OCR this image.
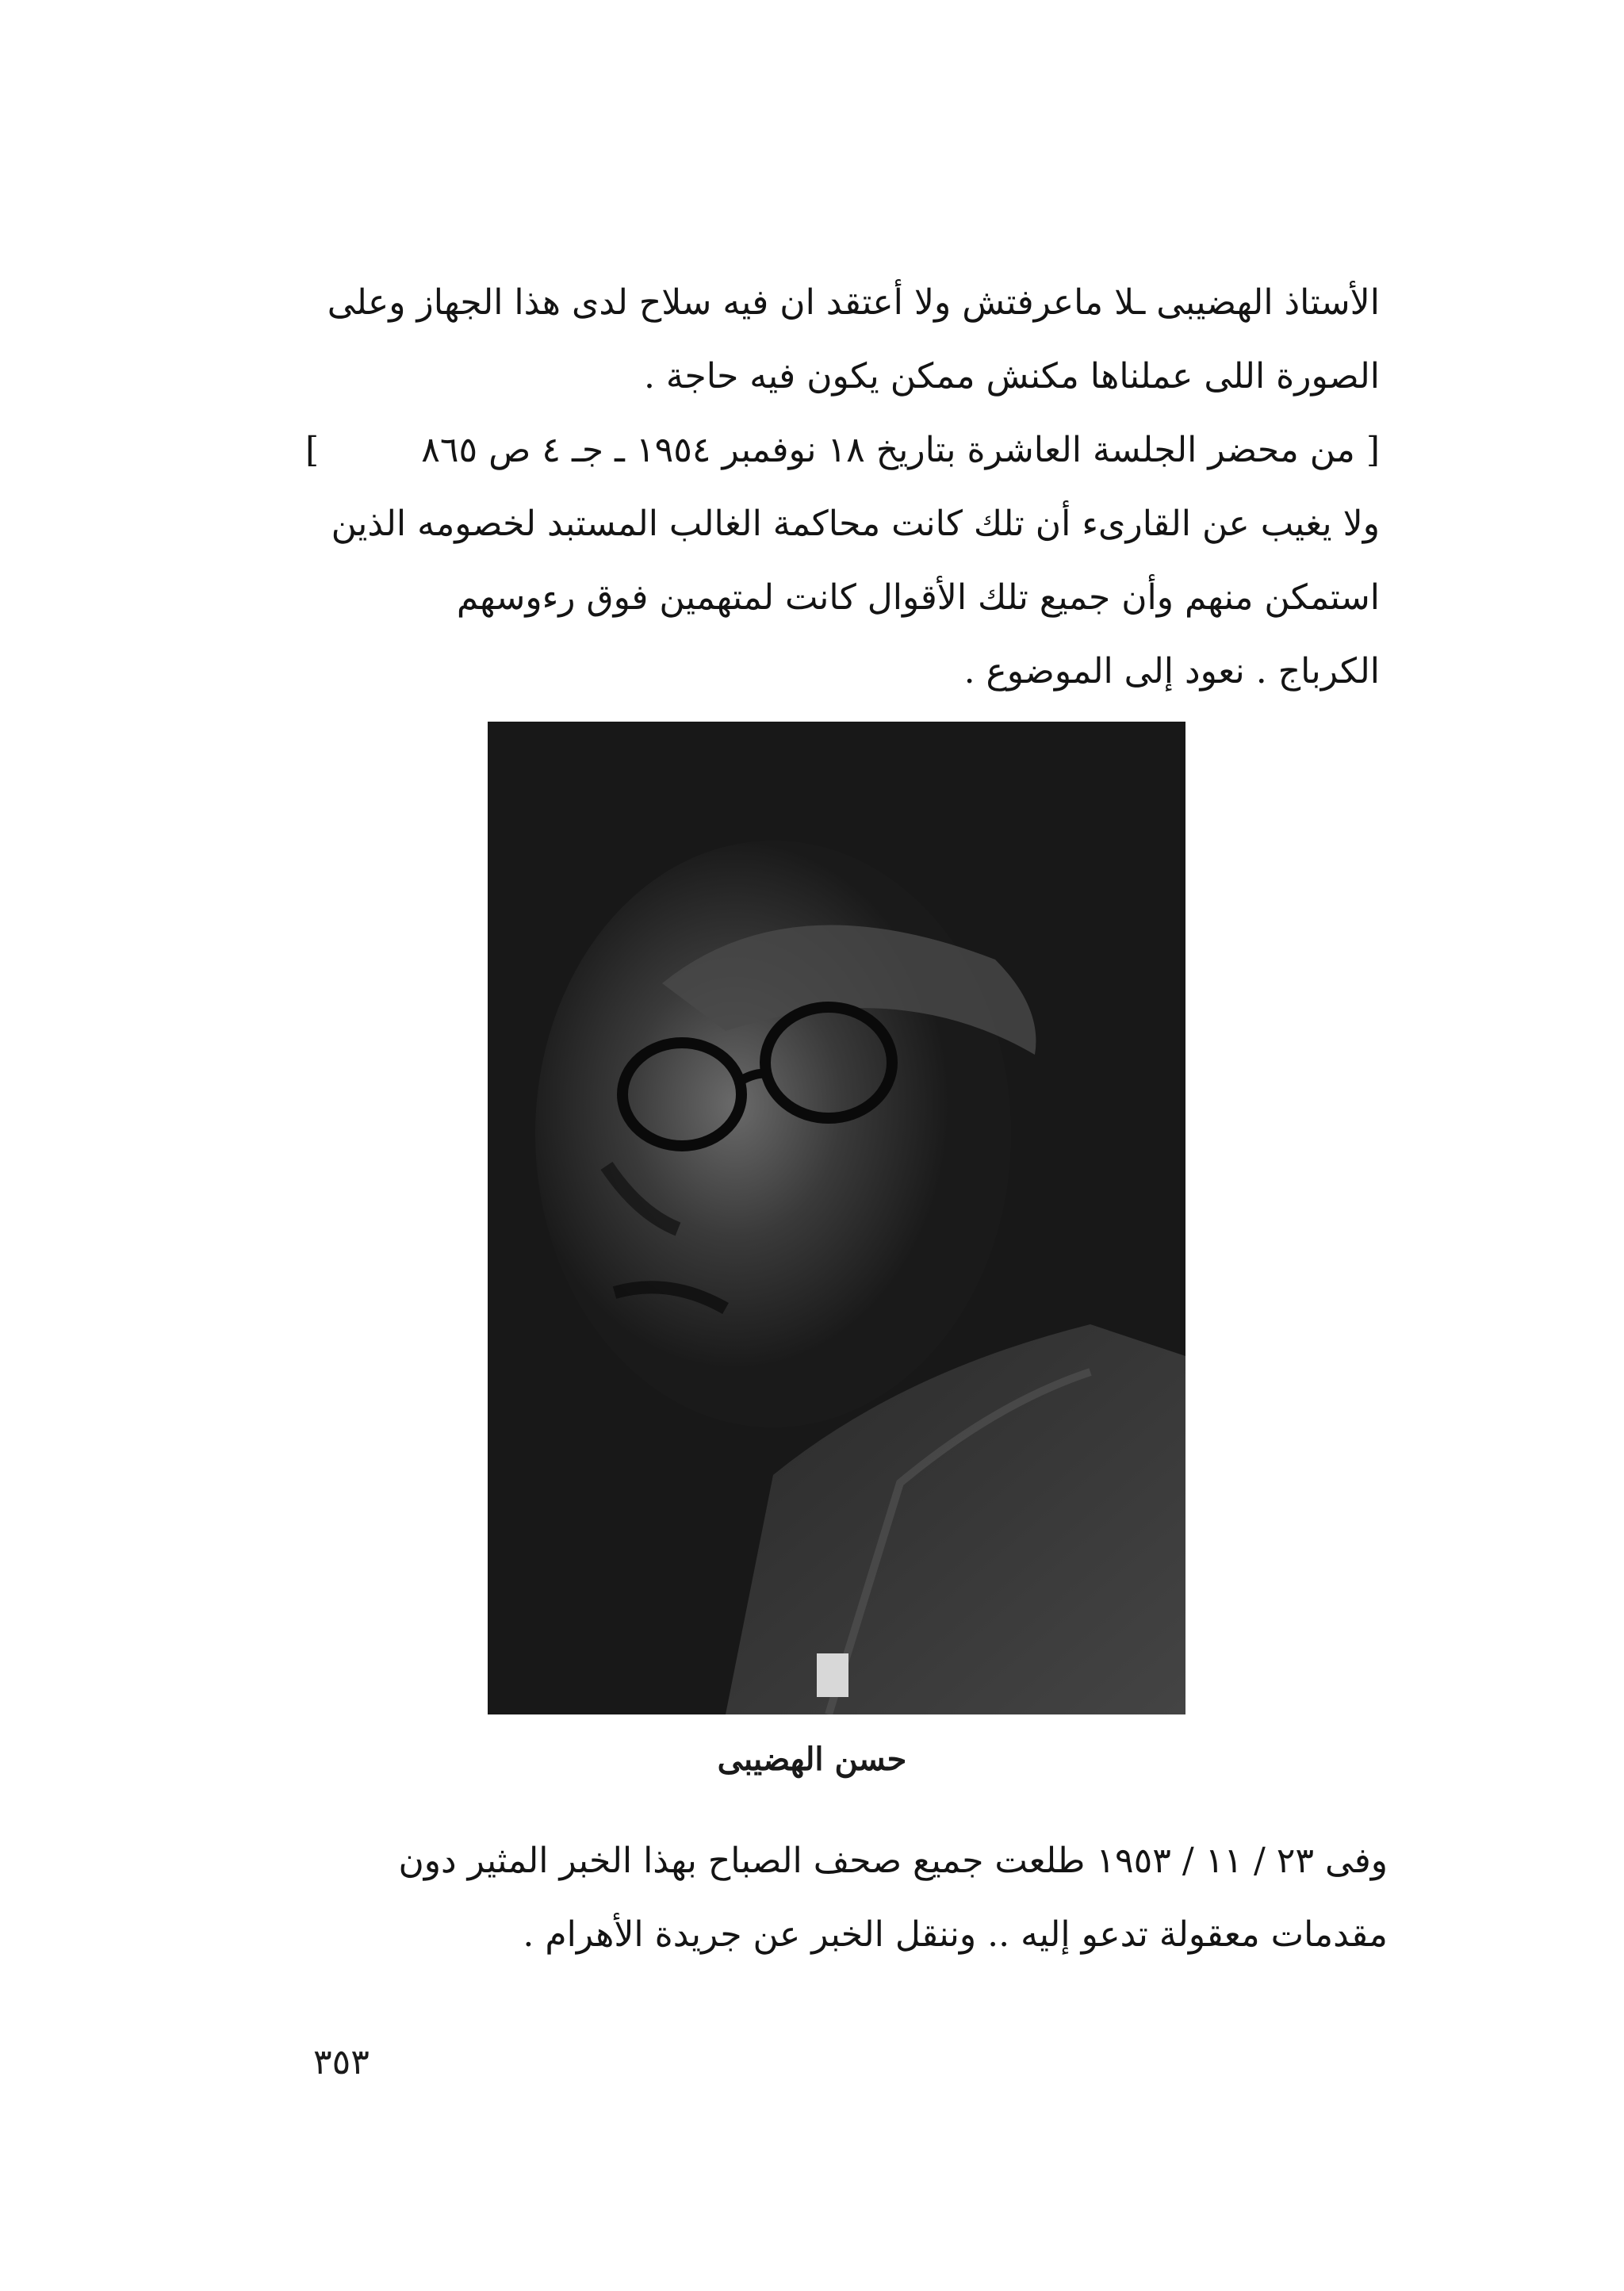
الأستاذ الهضيبى ـلا ماعرفتش ولا أعتقد ان فيه سلاح لدى هذا الجهاز وعلى
الصورة اللى عملناها مكنش ممكن يكون فيه حاجة .
[ من محضر الجلسة العاشرة بتاريخ ١٨ نوفمبر ١٩٥٤ ـ جـ ٤ ص ٨٦٥
]
ولا يغيب عن القارىء أن تلك كانت محاكمة الغالب المستبد لخصومه الذين
استمكن منهم وأن جميع تلك الأقوال كانت لمتهمين فوق رءوسهم
الكرباج . نعود إلى الموضوع .
حسن الهضيبى
وفى ٢٣ / ١١ / ١٩٥٣ طلعت جميع صحف الصباح بهذا الخبر المثير دون
مقدمات معقولة تدعو إليه .. وننقل الخبر عن جريدة الأهرام .
٣٥٣
